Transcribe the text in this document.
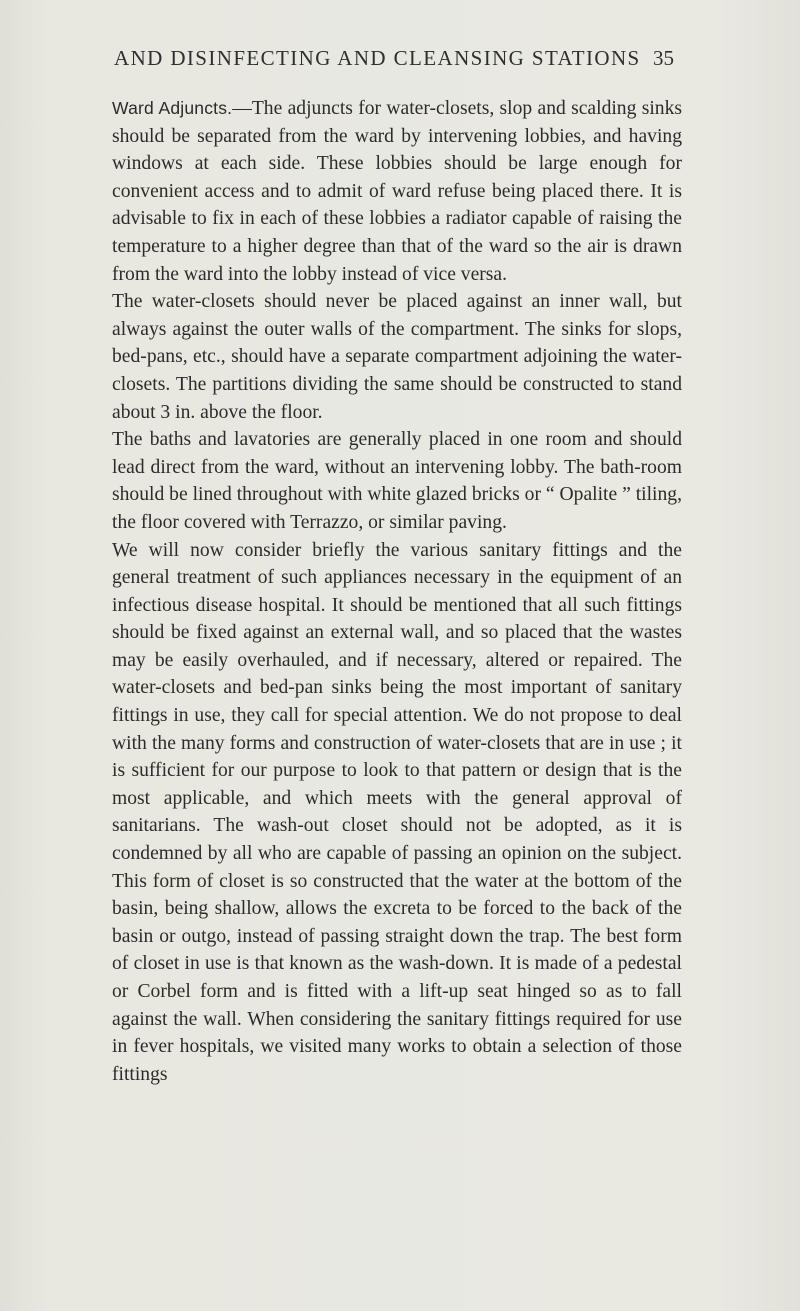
AND DISINFECTING AND CLEANSING STATIONS 35

Ward Adjuncts.—The adjuncts for water-closets, slop and scalding sinks should be separated from the ward by intervening lobbies, and having windows at each side. These lobbies should be large enough for convenient access and to admit of ward refuse being placed there. It is advisable to fix in each of these lobbies a radiator capable of raising the temperature to a higher degree than that of the ward so the air is drawn from the ward into the lobby instead of vice versa.

The water-closets should never be placed against an inner wall, but always against the outer walls of the compartment. The sinks for slops, bed-pans, etc., should have a separate compartment adjoining the water-closets. The partitions dividing the same should be constructed to stand about 3 in. above the floor.

The baths and lavatories are generally placed in one room and should lead direct from the ward, without an intervening lobby. The bath-room should be lined throughout with white glazed bricks or “ Opalite ” tiling, the floor covered with Terrazzo, or similar paving.

We will now consider briefly the various sanitary fittings and the general treatment of such appliances necessary in the equipment of an infectious disease hospital. It should be mentioned that all such fittings should be fixed against an external wall, and so placed that the wastes may be easily overhauled, and if necessary, altered or repaired. The water-closets and bed-pan sinks being the most important of sanitary fittings in use, they call for special attention. We do not propose to deal with the many forms and construction of water-closets that are in use ; it is sufficient for our purpose to look to that pattern or design that is the most applicable, and which meets with the general approval of sanitarians. The wash-out closet should not be adopted, as it is condemned by all who are capable of passing an opinion on the subject. This form of closet is so constructed that the water at the bottom of the basin, being shallow, allows the excreta to be forced to the back of the basin or outgo, instead of passing straight down the trap. The best form of closet in use is that known as the wash-down. It is made of a pedestal or Corbel form and is fitted with a lift-up seat hinged so as to fall against the wall. When considering the sanitary fittings required for use in fever hospitals, we visited many works to obtain a selection of those fittings
